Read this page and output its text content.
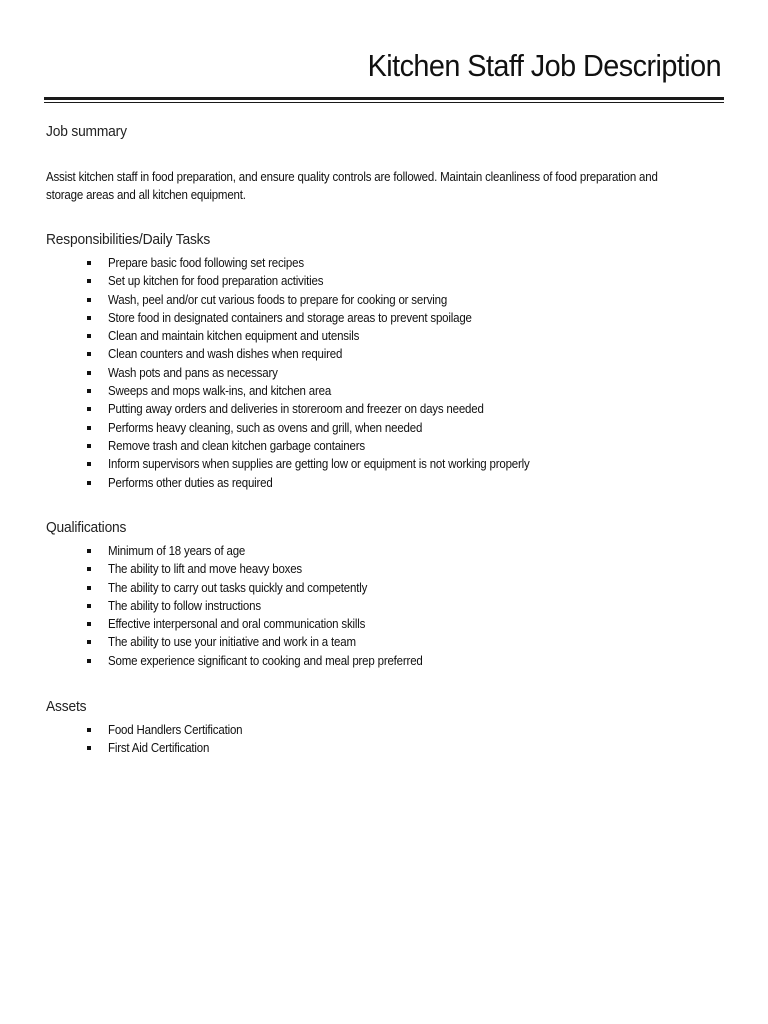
Kitchen Staff Job Description
Job summary
Assist kitchen staff in food preparation, and ensure quality controls are followed. Maintain cleanliness of food preparation and storage areas and all kitchen equipment.
Responsibilities/Daily Tasks
Prepare basic food following set recipes
Set up kitchen for food preparation activities
Wash, peel and/or cut various foods to prepare for cooking or serving
Store food in designated containers and storage areas to prevent spoilage
Clean and maintain kitchen equipment and utensils
Clean counters and wash dishes when required
Wash pots and pans as necessary
Sweeps and mops walk-ins, and kitchen area
Putting away orders and deliveries in storeroom and freezer on days needed
Performs heavy cleaning, such as ovens and grill, when needed
Remove trash and clean kitchen garbage containers
Inform supervisors when supplies are getting low or equipment is not working properly
Performs other duties as required
Qualifications
Minimum of 18 years of age
The ability to lift and move heavy boxes
The ability to carry out tasks quickly and competently
The ability to follow instructions
Effective interpersonal and oral communication skills
The ability to use your initiative and work in a team
Some experience significant to cooking and meal prep preferred
Assets
Food Handlers Certification
First Aid Certification
